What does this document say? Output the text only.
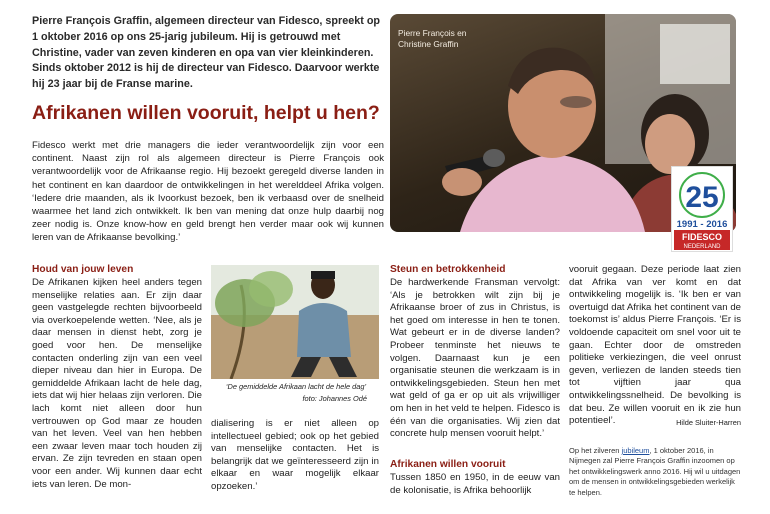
Pierre François Graffin, algemeen directeur van Fidesco, spreekt op 1 oktober 2016 op ons 25-jarig jubileum. Hij is getrouwd met Christine, vader van zeven kinderen en opa van vier kleinkinderen. Sinds oktober 2012 is hij de directeur van Fidesco. Daarvoor werkte hij 23 jaar bij de Franse marine.
Afrikanen willen vooruit, helpt u hen?
Fidesco werkt met drie managers die ieder verantwoordelijk zijn voor een continent. Naast zijn rol als algemeen directeur is Pierre François ook verantwoordelijk voor de Afrikaanse regio. Hij bezoekt geregeld diverse landen in het continent en kan daardoor de ontwikkelingen in het werelddeel Afrika volgen. ‘Iedere drie maanden, als ik Ivoorkust bezoek, ben ik verbaasd over de snelheid waarmee het land zich ontwikkelt. Ik ben van mening dat onze hulp daarbij nog zeer nodig is. Onze know-how en geld brengt hen verder maar ook wij kunnen leren van de Afrikaanse bevolking.’
Pierre François en
Christine Graffin
25
1991 - 2016
FIDESCO
NEDERLAND
Houd van jouw leven
De Afrikanen kijken heel anders tegen menselijke relaties aan. Er zijn daar geen vastgelegde rechten bijvoorbeeld via overkoepelende wetten. ‘Nee, als je daar mensen in dienst hebt, zorg je goed voor hen. De menselijke contacten onderling zijn van een veel dieper niveau dan hier in Europa. De gemiddelde Afrikaan lacht de hele dag, iets dat wij hier helaas zijn verloren. Die lach komt niet alleen door hun vertrouwen op God maar ze houden van het leven. Veel van hen hebben een zwaar leven maar toch houden zij ervan. Ze zijn tevreden en staan open voor een ander. Wij kunnen daar echt iets van leren. De mon-
‘De gemiddelde Afrikaan lacht de hele dag’
foto: Johannes Odé
dialisering is er niet alleen op intellectueel gebied; ook op het gebied van menselijke contacten. Het is belangrijk dat we geïnteresseerd zijn in elkaar en waar mogelijk elkaar opzoeken.’
Steun en betrokkenheid
De hardwerkende Fransman vervolgt: ‘Als je betrokken wilt zijn bij je Afrikaanse broer of zus in Christus, is het goed om interesse in hen te tonen. Wat gebeurt er in de diverse landen? Probeer tenminste het nieuws te volgen. Daarnaast kun je een organisatie steunen die werkzaam is in ontwikkelingsgebieden. Steun hen met wat geld of ga er op uit als vrijwilliger om hen in het veld te helpen. Fidesco is één van die organisaties. Wij zien dat concrete hulp mensen vooruit helpt.’
Afrikanen willen vooruit
Tussen 1850 en 1950, in de eeuw van de kolonisatie, is Afrika behoorlijk
vooruit gegaan. Deze periode laat zien dat Afrika van ver komt en dat ontwikkeling mogelijk is. ‘Ik ben er van overtuigd dat Afrika het continent van de toekomst is’ aldus Pierre François. ‘Er is voldoende capaciteit om snel voor uit te gaan. Echter door de omstreden politieke verkiezingen, die veel onrust geven, verliezen de landen steeds tien tot vijftien jaar qua ontwikkelingssnelheid. De bevolking is dat beu. Ze willen vooruit en ik zie hun potentieel’.	Hilde Sluiter-Harren
Op het zilveren jubileum, 1 oktober 2016, in Nijmegen zal Pierre François Graffin inzoomen op het ontwikkelingswerk anno 2016. Hij wil u uitdagen om de mensen in ontwikkelingsgebieden werkelijk te helpen.
